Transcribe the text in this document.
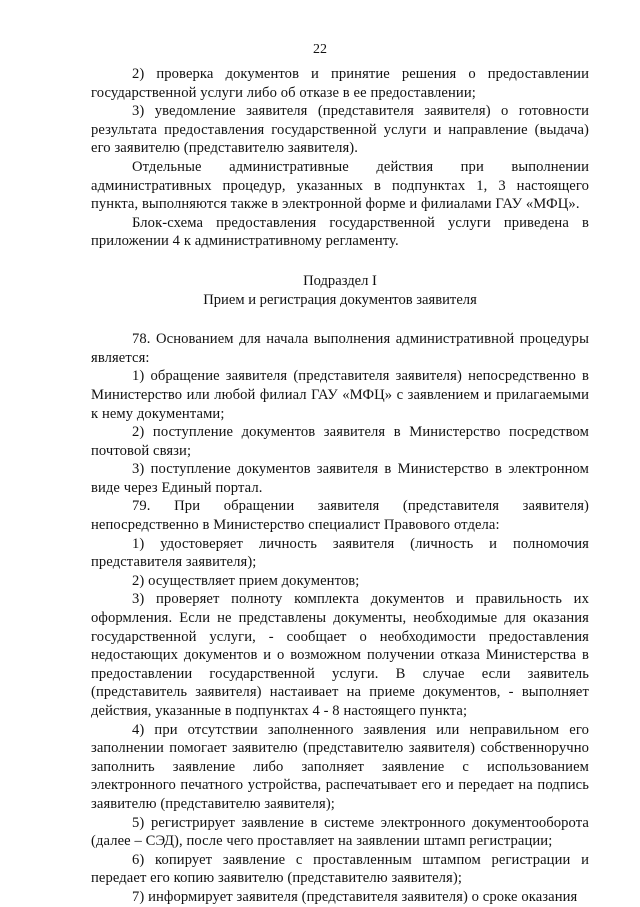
22

2) проверка документов и принятие решения о предоставлении государственной услуги либо об отказе в ее предоставлении;

3) уведомление заявителя (представителя заявителя) о готовности результата предоставления государственной услуги и направление (выдача) его заявителю (представителю заявителя).

Отдельные административные действия при выполнении административных процедур, указанных в подпунктах 1, 3 настоящего пункта, выполняются также в электронной форме и филиалами ГАУ «МФЦ».

Блок-схема предоставления государственной услуги приведена в приложении 4 к административному регламенту.

Подраздел I
Прием и регистрация документов заявителя

78. Основанием для начала выполнения административной процедуры является:

1) обращение заявителя (представителя заявителя) непосредственно в Министерство или любой филиал ГАУ «МФЦ» с заявлением и прилагаемыми к нему документами;

2) поступление документов заявителя в Министерство посредством почтовой связи;

3) поступление документов заявителя в Министерство в электронном виде через Единый портал.

79. При обращении заявителя (представителя заявителя) непосредственно в Министерство специалист Правового отдела:

1) удостоверяет личность заявителя (личность и полномочия представителя заявителя);

2) осуществляет прием документов;

3) проверяет полноту комплекта документов и правильность их оформления. Если не представлены документы, необходимые для оказания государственной услуги, - сообщает о необходимости предоставления недостающих документов и о возможном получении отказа Министерства в предоставлении государственной услуги. В случае если заявитель (представитель заявителя) настаивает на приеме документов, - выполняет действия, указанные в подпунктах 4 - 8 настоящего пункта;

4) при отсутствии заполненного заявления или неправильном его заполнении помогает заявителю (представителю заявителя) собственноручно заполнить заявление либо заполняет заявление с использованием электронного печатного устройства, распечатывает его и передает на подпись заявителю (представителю заявителя);

5) регистрирует заявление в системе электронного документооборота (далее – СЭД), после чего проставляет на заявлении штамп регистрации;

6) копирует заявление с проставленным штампом регистрации и передает его копию заявителю (представителю заявителя);

7) информирует заявителя (представителя заявителя) о сроке оказания
